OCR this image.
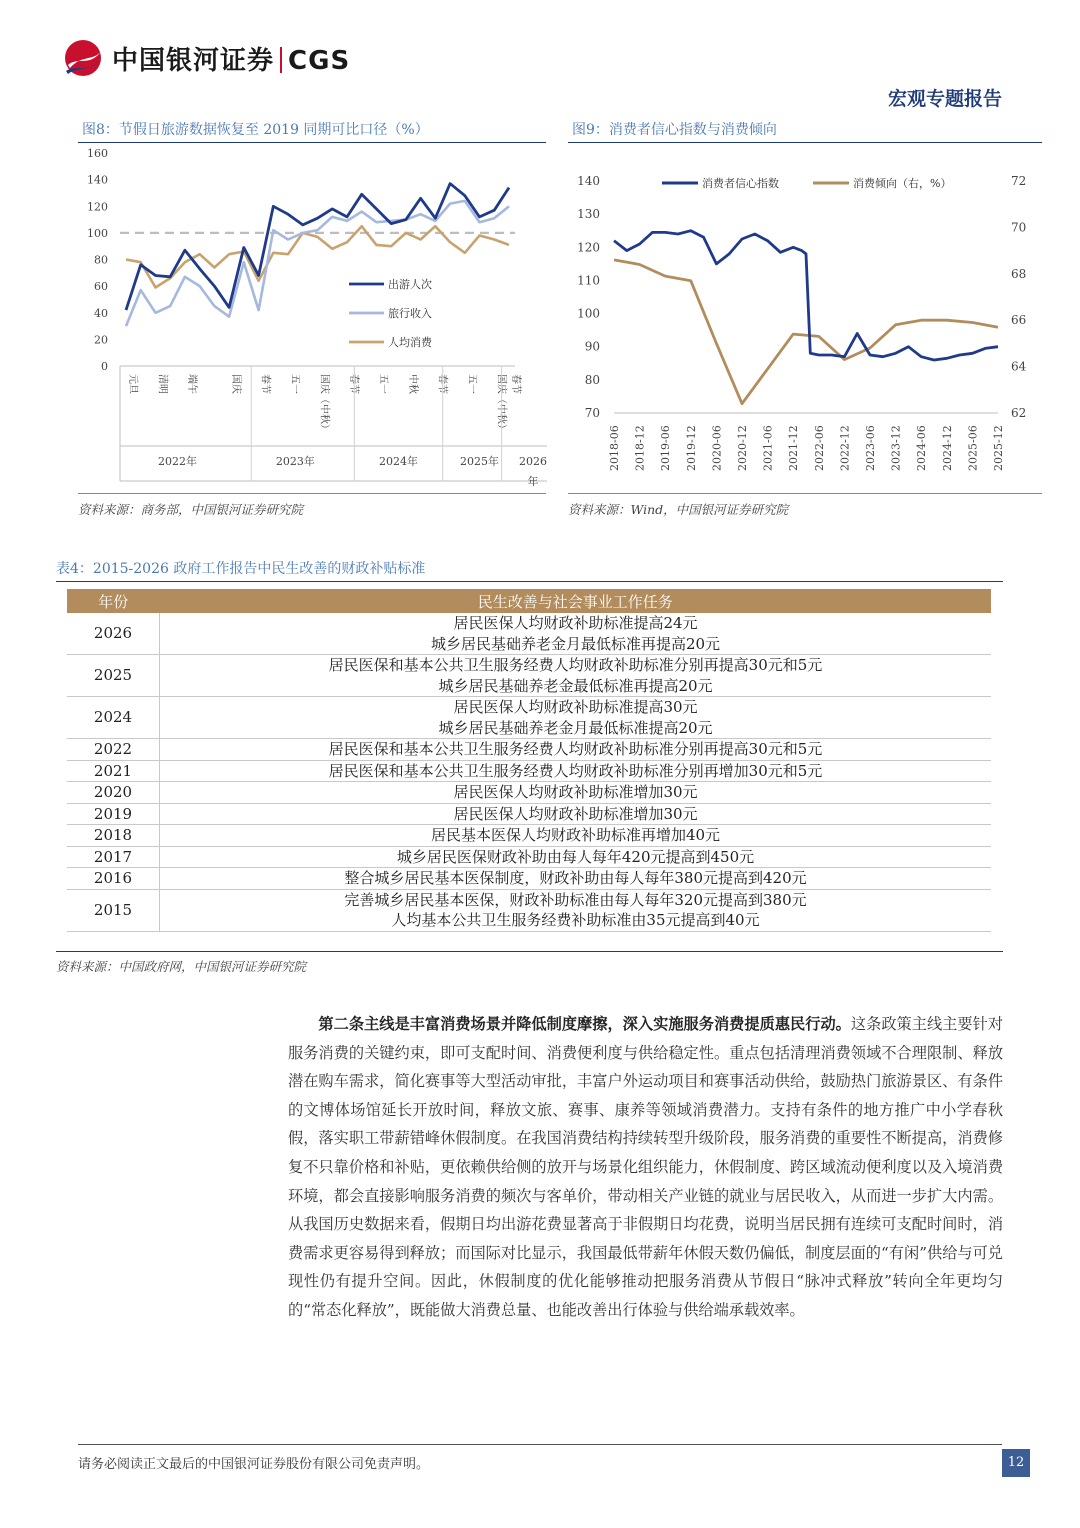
中国银河证券 CGS
宏观专题报告
图8：节假日旅游数据恢复至 2019 同期可比口径（%）
0
20
40
60
80
100
120
140
160
元旦 清明 端午	国庆 春节 五一 国庆（中秋） 春节 五一 中秋 春节 五一 国庆（中秋） 春节
2022年	2023年	2024年	2025年 2026 年
出游人次
旅行收入
人均消费
资料来源：商务部，中国银河证券研究院
图9：消费者信心指数与消费倾向
70
80
90
100
110
120
130
140
62
64
66
68
70
72
2018-06 2018-12 2019-06 2019-12 2020-06 2020-12 2021-06 2021-12 2022-06 2022-12 2023-06 2023-12 2024-06 2024-12 2025-06 2025-12
消费者信心指数	消费倾向（右，%）
资料来源：Wind，中国银河证券研究院
表4：2015-2026 政府工作报告中民生改善的财政补贴标准
年份	民生改善与社会事业工作任务
2026	居民医保人均财政补助标准提高24元
城乡居民基础养老金月最低标准再提高20元

2025	居民医保和基本公共卫生服务经费人均财政补助标准分别再提高30元和5元
城乡居民基础养老金最低标准再提高20元

2024	居民医保人均财政补助标准提高30元
城乡居民基础养老金月最低标准提高20元

2022	居民医保和基本公共卫生服务经费人均财政补助标准分别再提高30元和5元

2021	居民医保和基本公共卫生服务经费人均财政补助标准分别再增加30元和5元

2020	居民医保人均财政补助标准增加30元

2019	居民医保人均财政补助标准增加30元

2018	居民基本医保人均财政补助标准再增加40元

2017	城乡居民医保财政补助由每人每年420元提高到450元

2016	整合城乡居民基本医保制度，财政补助由每人每年380元提高到420元

2015	完善城乡居民基本医保，财政补助标准由每人每年320元提高到380元
人均基本公共卫生服务经费补助标准由35元提高到40元
资料来源：中国政府网，中国银河证券研究院
第二条主线是丰富消费场景并降低制度摩擦，深入实施服务消费提质惠民行动。这条政策主线主要针对服务消费的关键约束，即可支配时间、消费便利度与供给稳定性。重点包括清理消费领域不合理限制、释放潜在购车需求，简化赛事等大型活动审批，丰富户外运动项目和赛事活动供给，鼓励热门旅游景区、有条件的文博体场馆延长开放时间，释放文旅、赛事、康养等领域消费潜力。支持有条件的地方推广中小学春秋假，落实职工带薪错峰休假制度。在我国消费结构持续转型升级阶段，服务消费的重要性不断提高，消费修复不只靠价格和补贴，更依赖供给侧的放开与场景化组织能力，休假制度、跨区域流动便利度以及入境消费环境，都会直接影响服务消费的频次与客单价，带动相关产业链的就业与居民收入，从而进一步扩大内需。从我国历史数据来看，假期日均出游花费显著高于非假期日均花费，说明当居民拥有连续可支配时间时，消费需求更容易得到释放；而国际对比显示，我国最低带薪年休假天数仍偏低，制度层面的“有闲”供给与可兑现性仍有提升空间。因此，休假制度的优化能够推动把服务消费从节假日“脉冲式释放”转向全年更均匀的“常态化释放”，既能做大消费总量、也能改善出行体验与供给端承载效率。
请务必阅读正文最后的中国银河证券股份有限公司免责声明。	12
